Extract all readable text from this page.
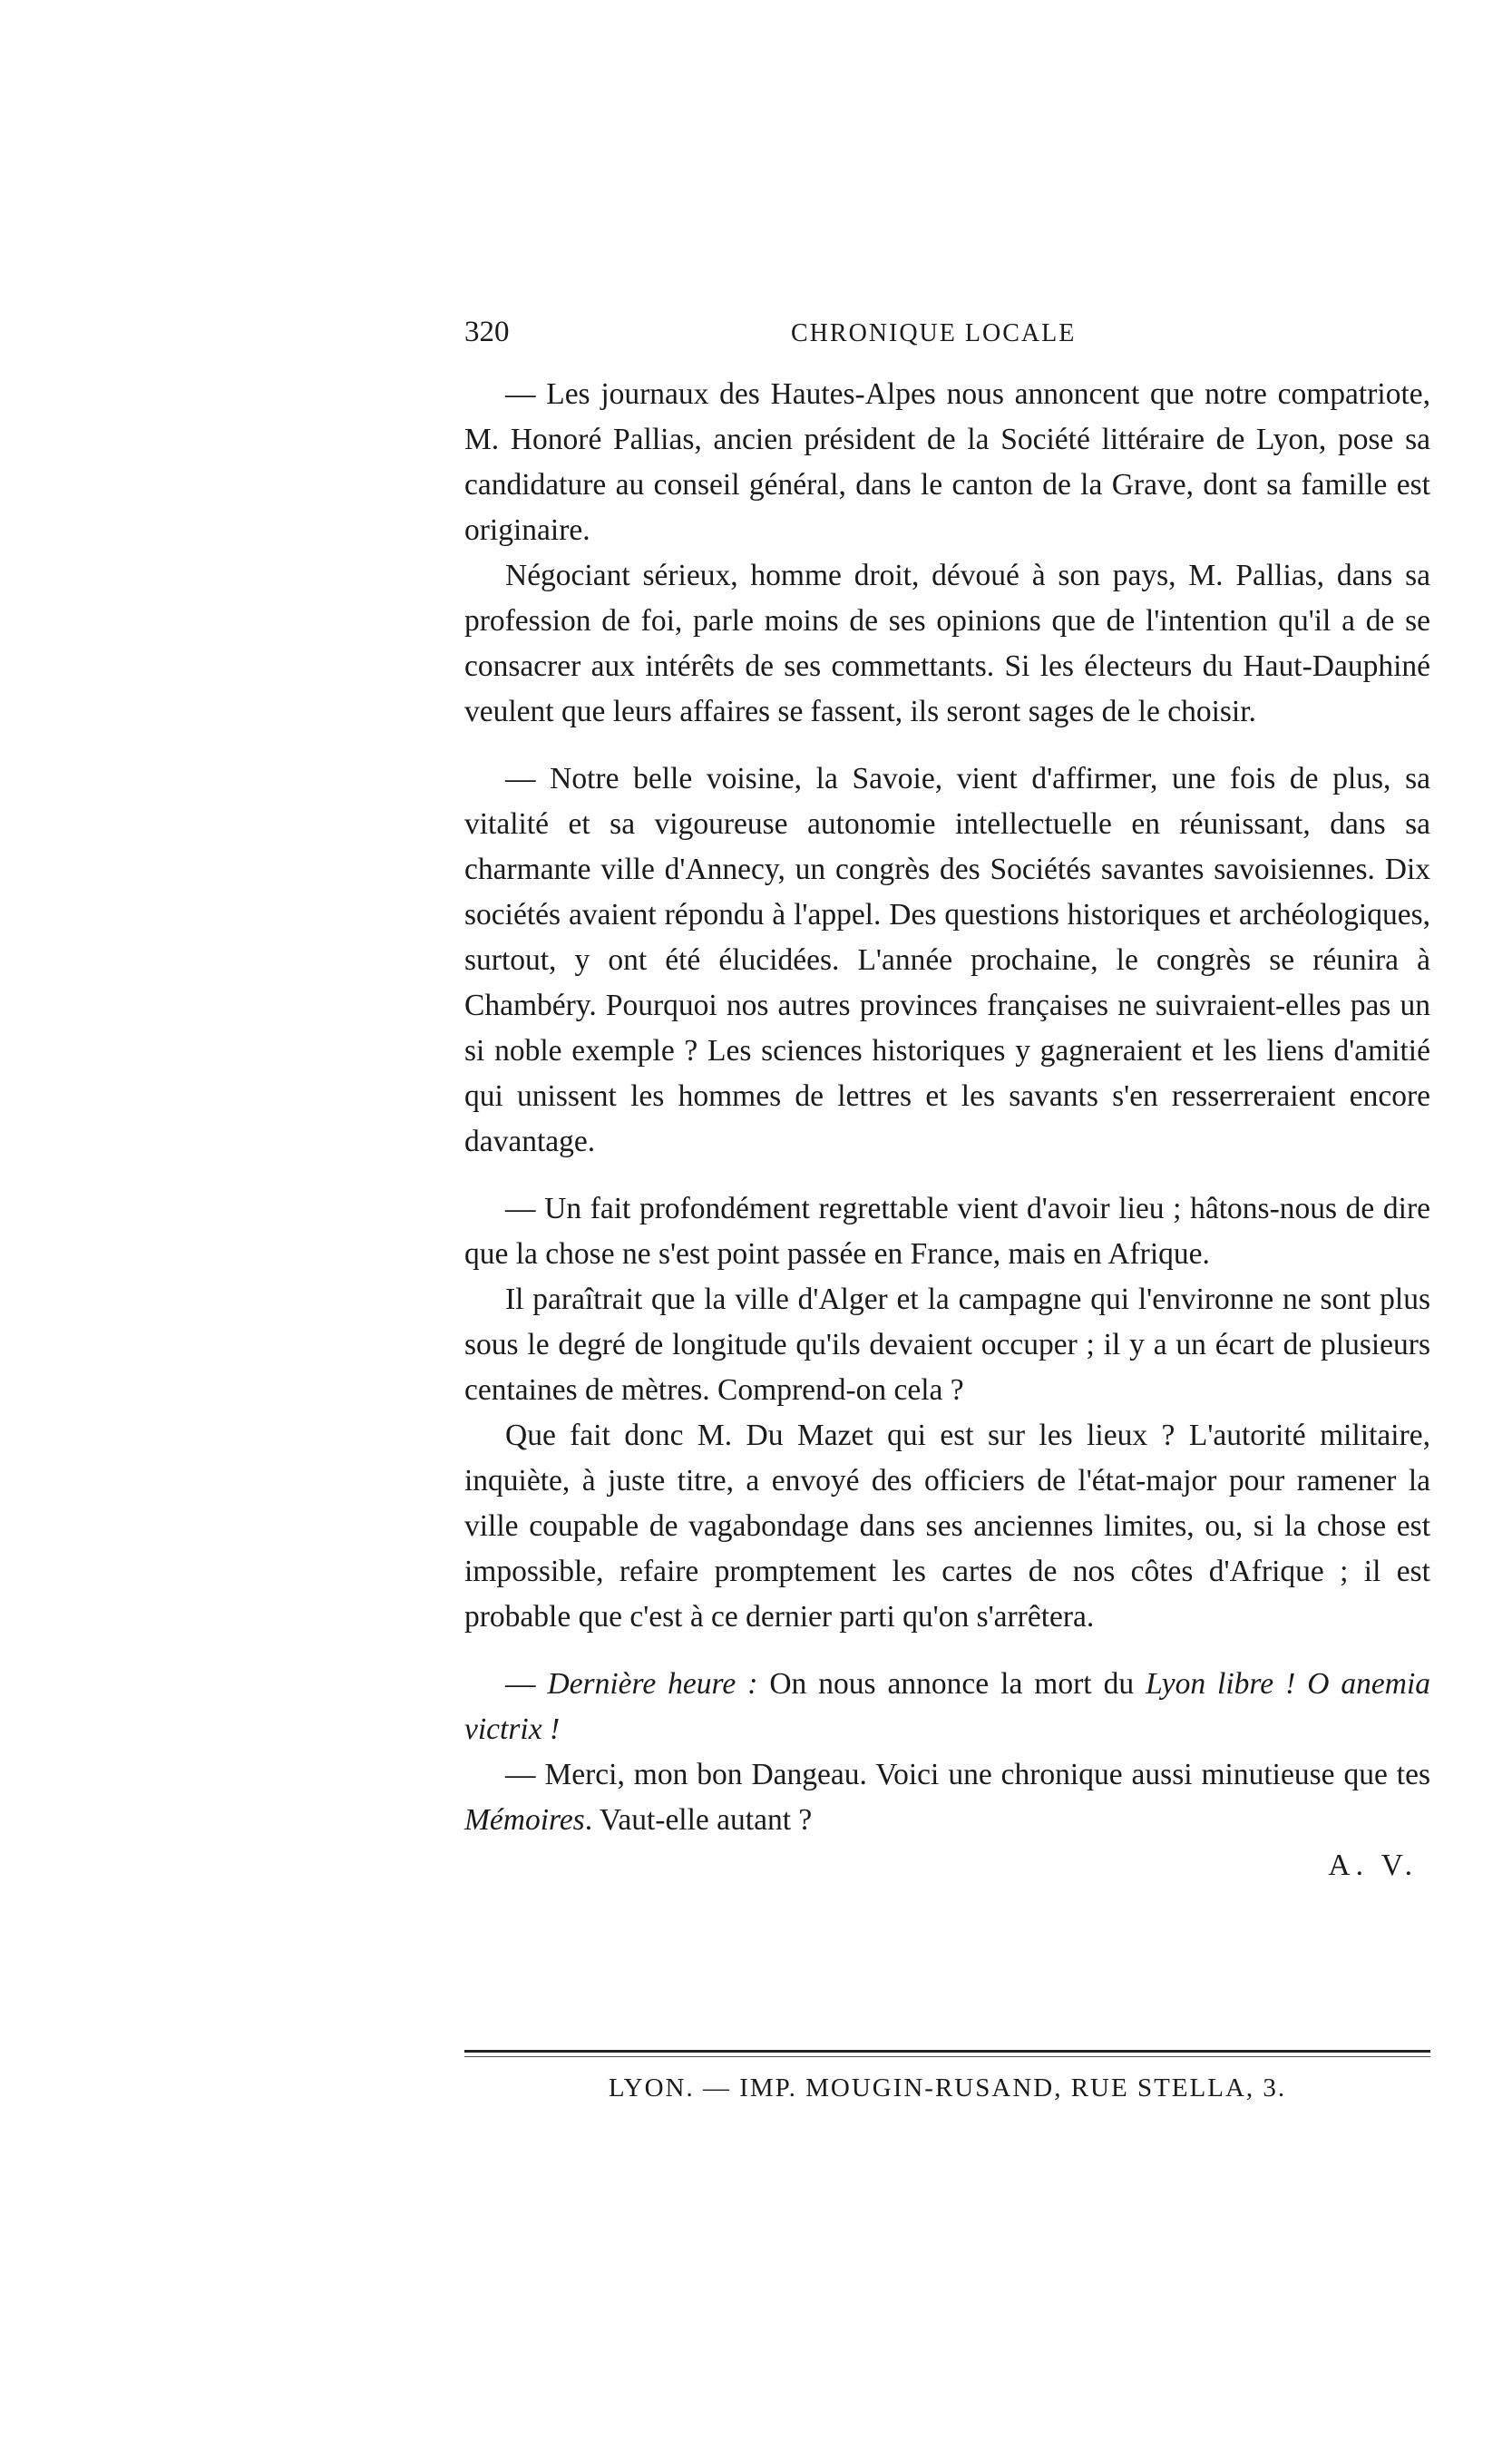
320	CHRONIQUE LOCALE

— Les journaux des Hautes-Alpes nous annoncent que notre compatriote, M. Honoré Pallias, ancien président de la Société littéraire de Lyon, pose sa candidature au conseil général, dans le canton de la Grave, dont sa famille est originaire.

Négociant sérieux, homme droit, dévoué à son pays, M. Pallias, dans sa profession de foi, parle moins de ses opinions que de l'intention qu'il a de se consacrer aux intérêts de ses commettants. Si les électeurs du Haut-Dauphiné veulent que leurs affaires se fassent, ils seront sages de le choisir.

— Notre belle voisine, la Savoie, vient d'affirmer, une fois de plus, sa vitalité et sa vigoureuse autonomie intellectuelle en réunissant, dans sa charmante ville d'Annecy, un congrès des Sociétés savantes savoisiennes. Dix sociétés avaient répondu à l'appel. Des questions historiques et archéologiques, surtout, y ont été élucidées. L'année prochaine, le congrès se réunira à Chambéry. Pourquoi nos autres provinces françaises ne suivraient-elles pas un si noble exemple ? Les sciences historiques y gagneraient et les liens d'amitié qui unissent les hommes de lettres et les savants s'en resserreraient encore davantage.

— Un fait profondément regrettable vient d'avoir lieu ; hâtons-nous de dire que la chose ne s'est point passée en France, mais en Afrique.

Il paraîtrait que la ville d'Alger et la campagne qui l'environne ne sont plus sous le degré de longitude qu'ils devaient occuper ; il y a un écart de plusieurs centaines de mètres. Comprend-on cela ?

Que fait donc M. Du Mazet qui est sur les lieux ? L'autorité militaire, inquiète, à juste titre, a envoyé des officiers de l'état-major pour ramener la ville coupable de vagabondage dans ses anciennes limites, ou, si la chose est impossible, refaire promptement les cartes de nos côtes d'Afrique ; il est probable que c'est à ce dernier parti qu'on s'arrêtera.

— Dernière heure : On nous annonce la mort du Lyon libre ! O anemia victrix !

— Merci, mon bon Dangeau. Voici une chronique aussi minutieuse que tes Mémoires. Vaut-elle autant ?

A. V.

LYON. — IMP. MOUGIN-RUSAND, RUE STELLA, 3.
